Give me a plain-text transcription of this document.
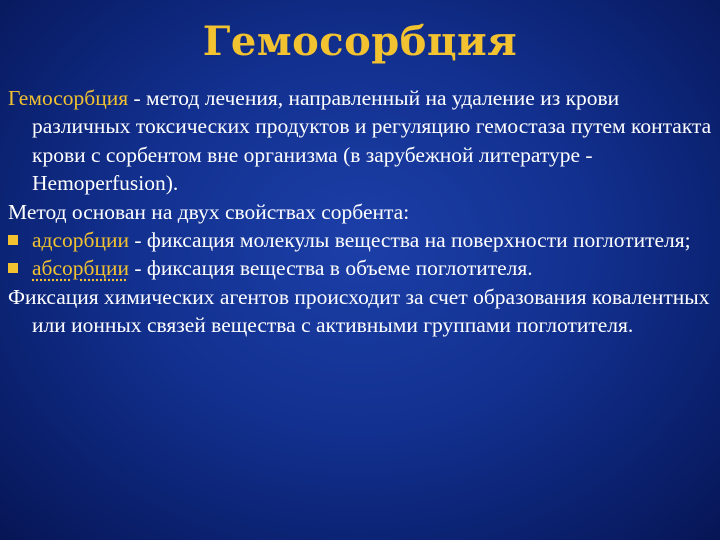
Гемосорбция

Гемосорбция - метод лечения, направленный на удаление из крови различных токсических продуктов и регуляцию гемостаза путем контакта крови с сорбентом вне организма (в зарубежной литературе -Hemoperfusion).

Метод основан на двух свойствах сорбента:

адсорбции - фиксация молекулы вещества на поверхности поглотителя;

абсорбции - фиксация вещества в объеме поглотителя.

Фиксация химических агентов происходит за счет образования ковалентных или ионных связей вещества с активными группами поглотителя.
